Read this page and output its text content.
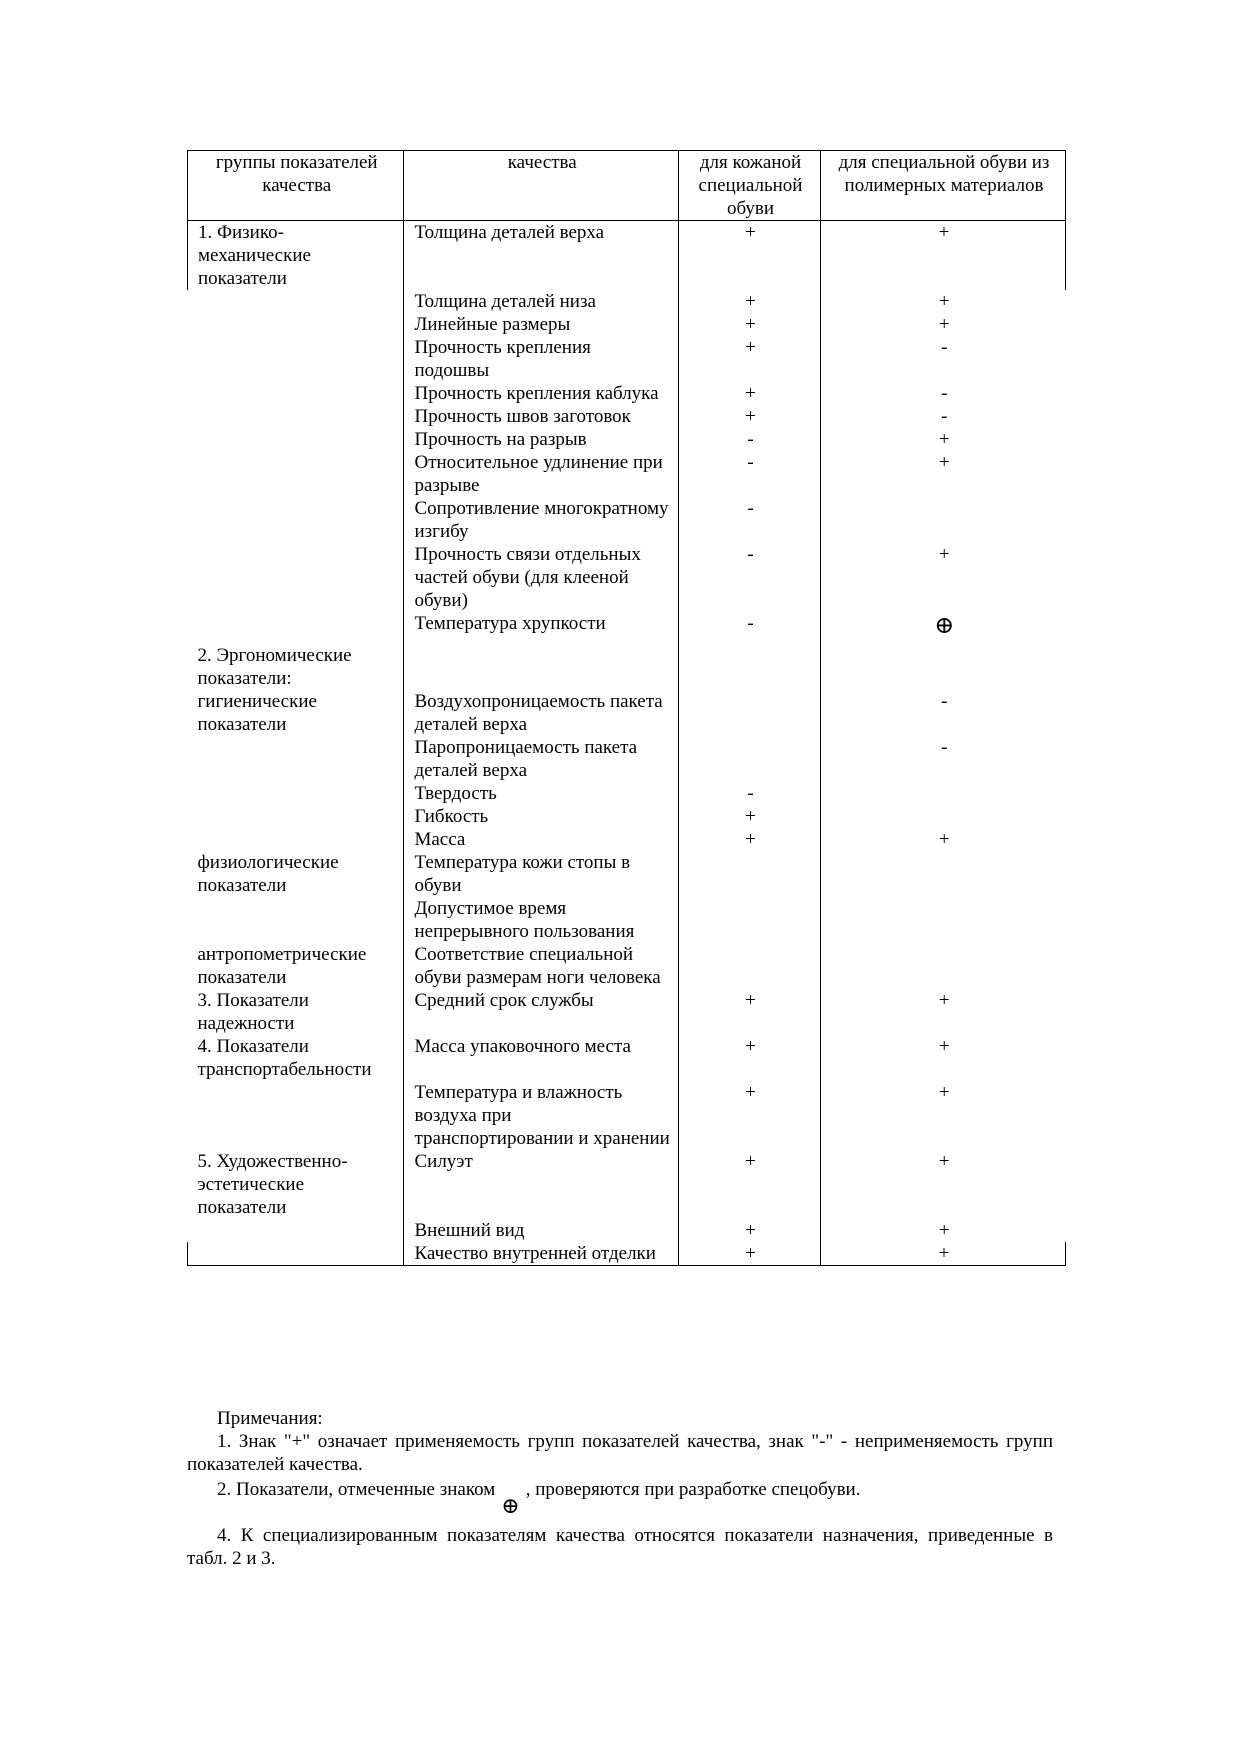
группы показателей качества	качества	для кожаной специальной обуви	для специальной обуви из полимерных материалов
1. Физико-механические показатели	Толщина деталей верха	+	+
	Толщина деталей низа	+	+
	Линейные размеры	+	+
	Прочность крепления подошвы	+	-
	Прочность крепления каблука	+	-
	Прочность швов заготовок	+	-
	Прочность на разрыв	-	+
	Относительное удлинение при разрыве	-	+
	Сопротивление многократному изгибу	-	
	Прочность связи отдельных частей обуви (для клееной обуви)	-	+
	Температура хрупкости	-	⊕
2. Эргономические показатели:			
гигиенические показатели	Воздухопроницаемость пакета деталей верха		-
	Паропроницаемость пакета деталей верха		-
	Твердость	-	
	Гибкость	+	
	Масса	+	+
физиологические показатели	Температура кожи стопы в обуви		
	Допустимое время непрерывного пользования		
антропометрические показатели	Соответствие специальной обуви размерам ноги человека		
3. Показатели надежности	Средний срок службы	+	+
4. Показатели транспортабельности	Масса упаковочного места	+	+
	Температура и влажность воздуха при транспортировании и хранении	+	+
5. Художественно-эстетические показатели	Силуэт	+	+
	Внешний вид	+	+
	Качество внутренней отделки	+	+

Примечания:

1. Знак "+" означает применяемость групп показателей качества, знак "-" - неприменяемость групп показателей качества.

2. Показатели, отмеченные знаком⊕, проверяются при разработке спецобуви.

4. К специализированным показателям качества относятся показатели назначения, приведенные в табл. 2 и 3.
